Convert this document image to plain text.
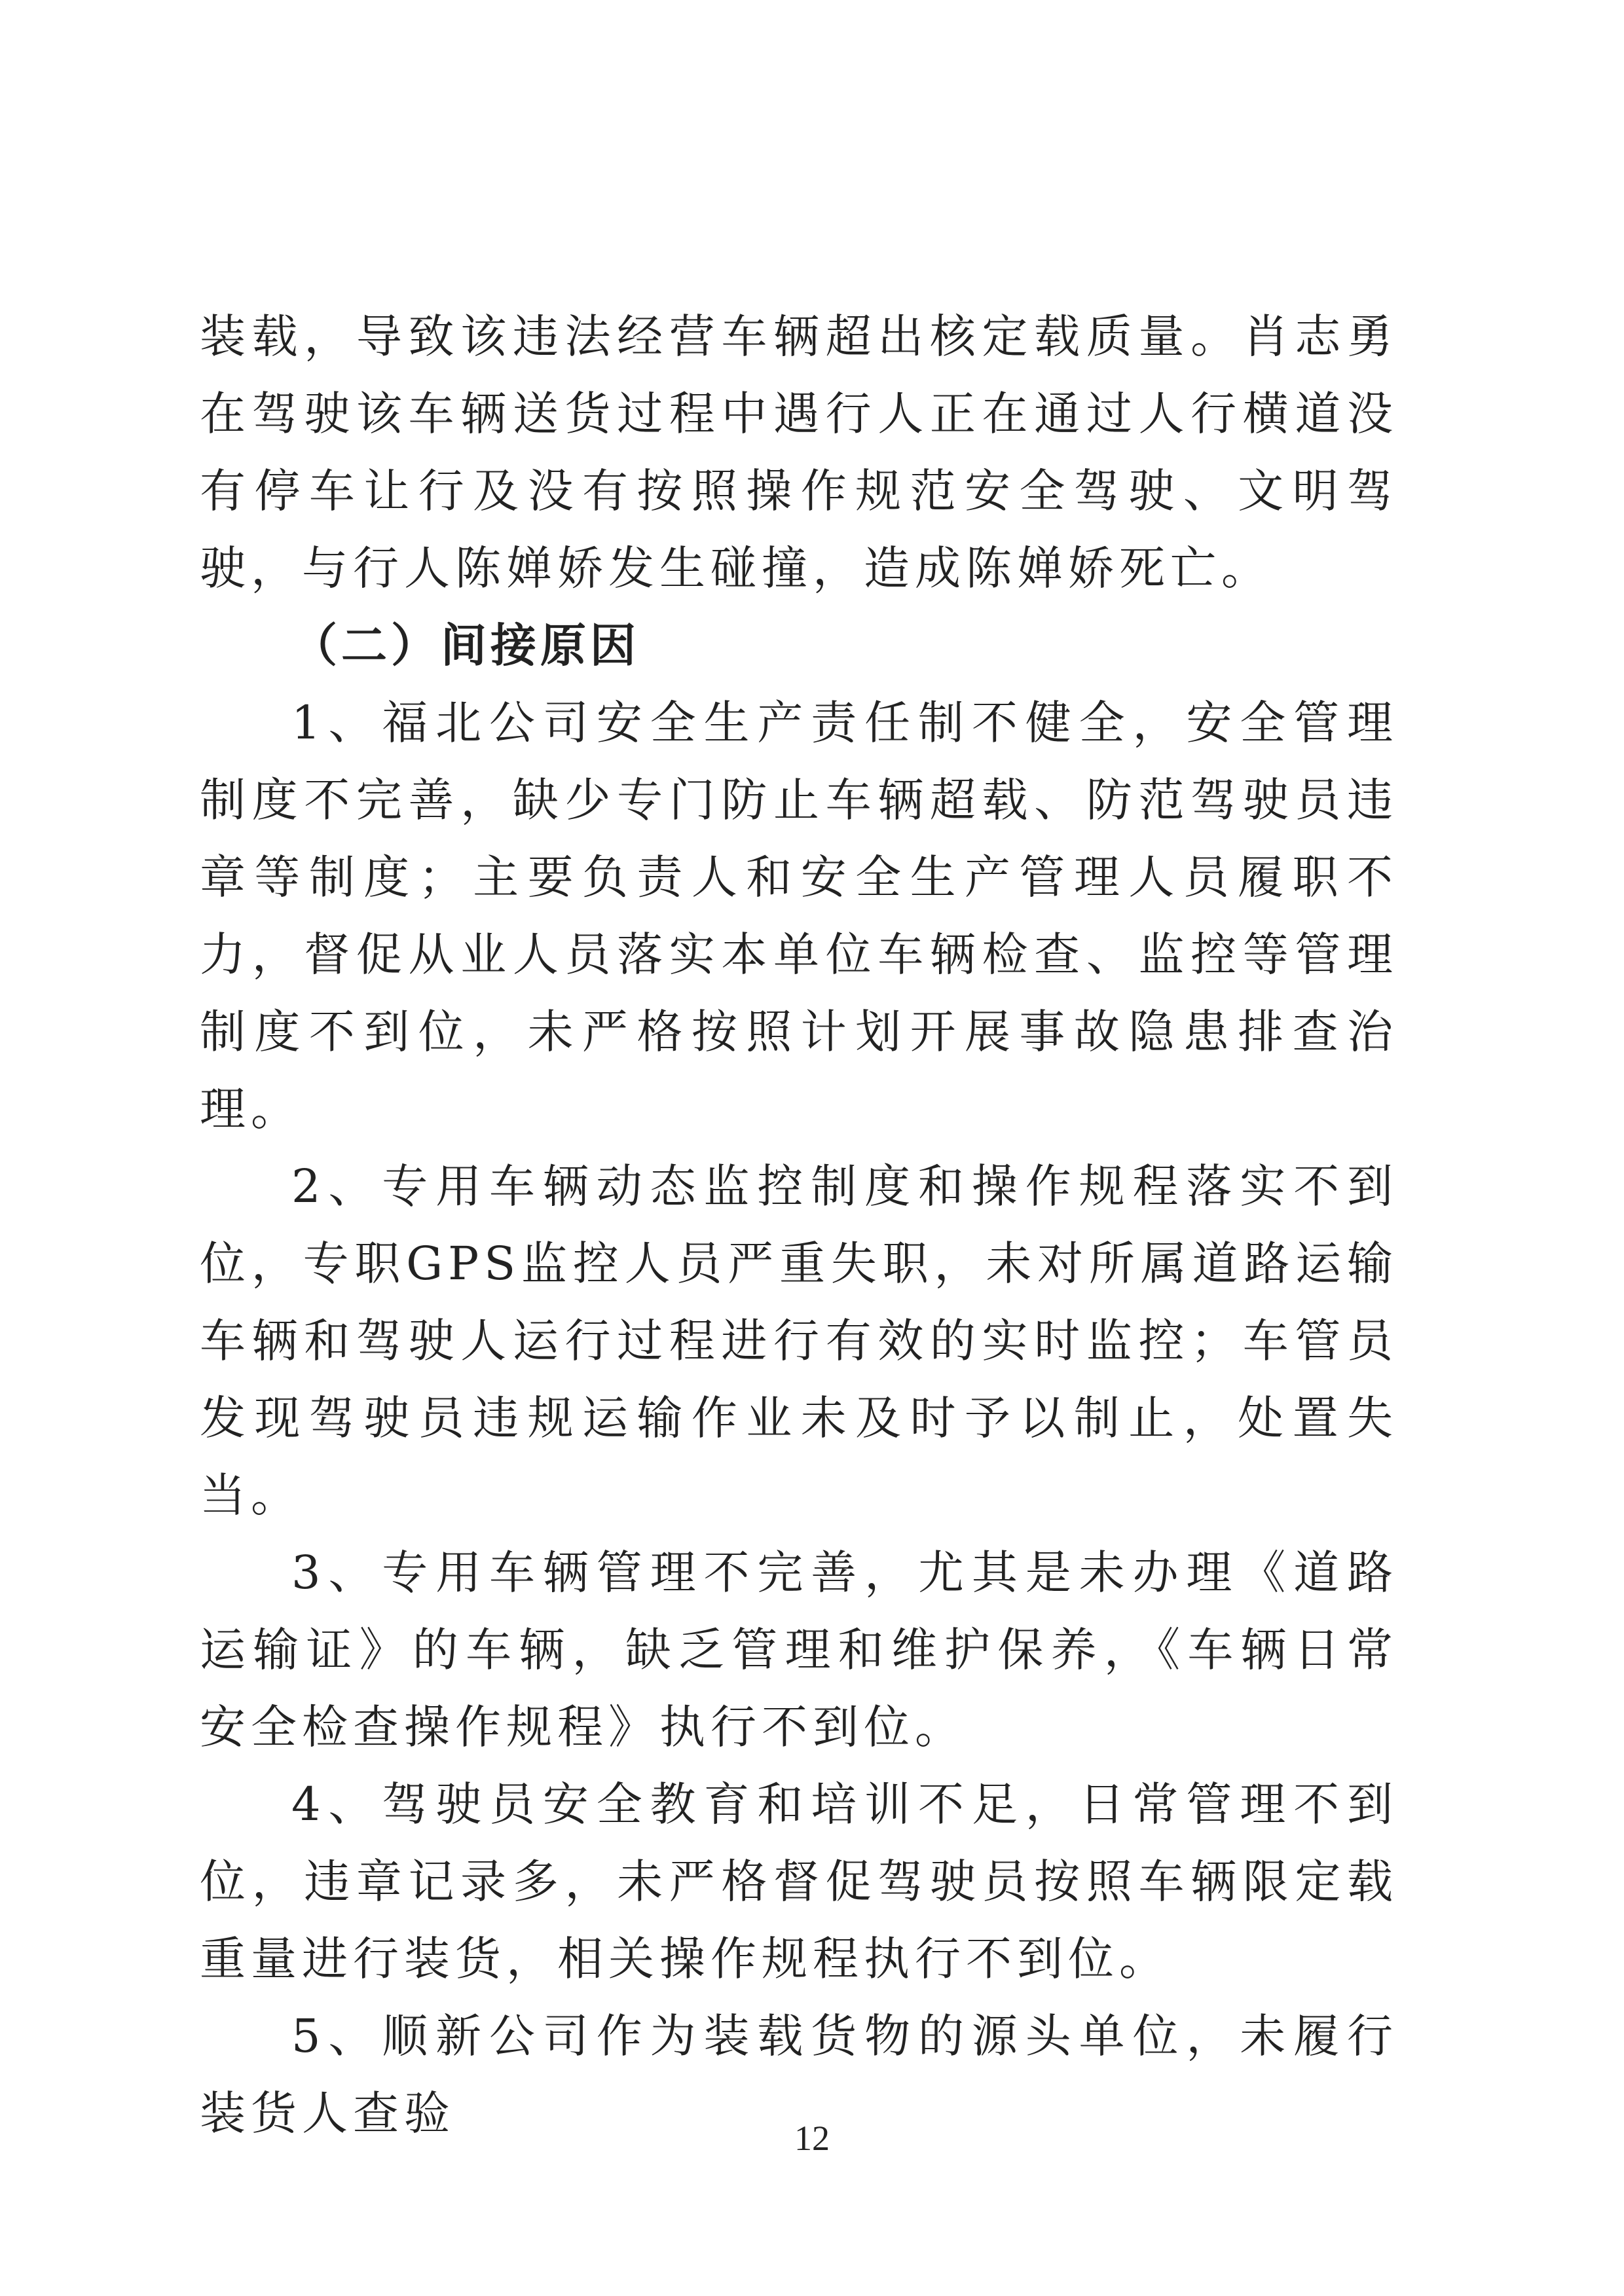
装载，导致该违法经营车辆超出核定载质量。肖志勇在驾驶该车辆送货过程中遇行人正在通过人行横道没有停车让行及没有按照操作规范安全驾驶、文明驾驶，与行人陈婵娇发生碰撞，造成陈婵娇死亡。

（二）间接原因

1、福北公司安全生产责任制不健全，安全管理制度不完善，缺少专门防止车辆超载、防范驾驶员违章等制度；主要负责人和安全生产管理人员履职不力，督促从业人员落实本单位车辆检查、监控等管理制度不到位，未严格按照计划开展事故隐患排查治理。

2、专用车辆动态监控制度和操作规程落实不到位，专职GPS监控人员严重失职，未对所属道路运输车辆和驾驶人运行过程进行有效的实时监控；车管员发现驾驶员违规运输作业未及时予以制止，处置失当。

3、专用车辆管理不完善，尤其是未办理《道路运输证》的车辆，缺乏管理和维护保养，《车辆日常安全检查操作规程》执行不到位。

4、驾驶员安全教育和培训不足，日常管理不到位，违章记录多，未严格督促驾驶员按照车辆限定载重量进行装货，相关操作规程执行不到位。

5、顺新公司作为装载货物的源头单位，未履行装货人查验	12
